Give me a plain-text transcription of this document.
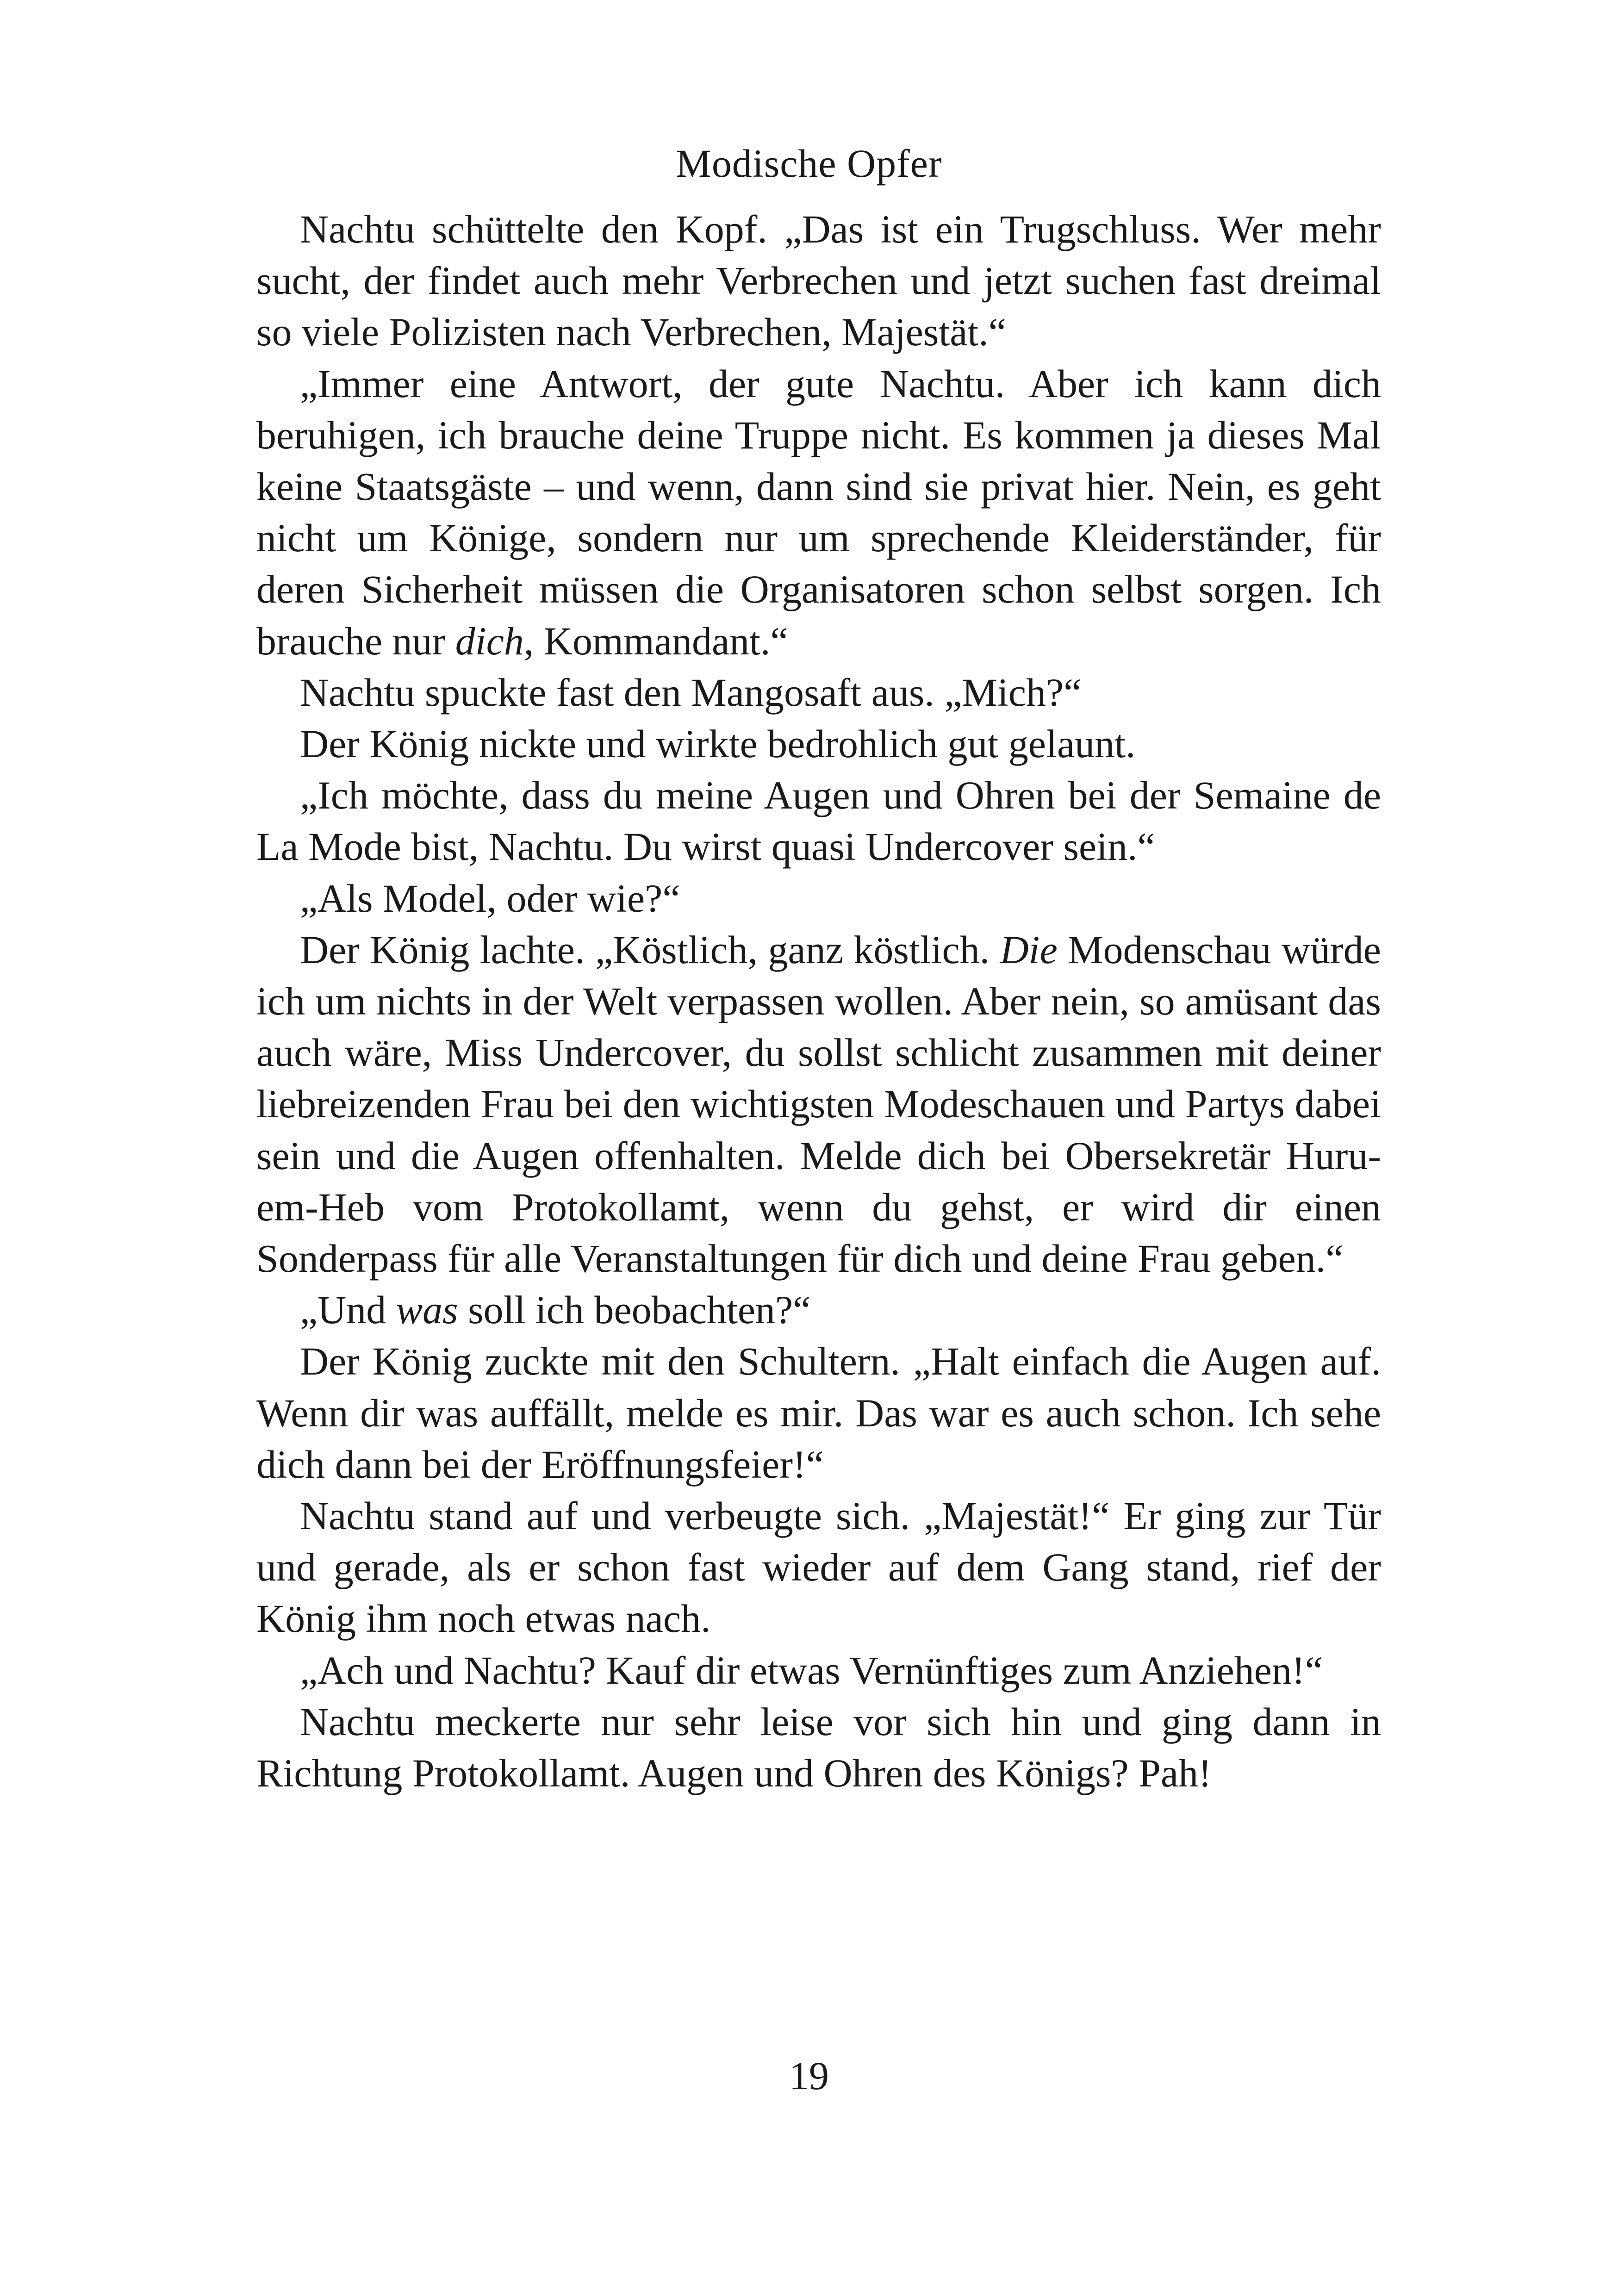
Modische Opfer

Nachtu schüttelte den Kopf. „Das ist ein Trugschluss. Wer mehr sucht, der findet auch mehr Verbrechen und jetzt suchen fast dreimal so viele Polizisten nach Verbrechen, Majestät.“

„Immer eine Antwort, der gute Nachtu. Aber ich kann dich beruhigen, ich brauche deine Truppe nicht. Es kommen ja dieses Mal keine Staatsgäste – und wenn, dann sind sie privat hier. Nein, es geht nicht um Könige, sondern nur um sprechende Kleiderständer, für deren Sicherheit müssen die Organisatoren schon selbst sorgen. Ich brauche nur dich, Kommandant.“

Nachtu spuckte fast den Mangosaft aus. „Mich?“

Der König nickte und wirkte bedrohlich gut gelaunt.

„Ich möchte, dass du meine Augen und Ohren bei der Semaine de La Mode bist, Nachtu. Du wirst quasi Undercover sein.“

„Als Model, oder wie?“

Der König lachte. „Köstlich, ganz köstlich. Die Modenschau würde ich um nichts in der Welt verpassen wollen. Aber nein, so amüsant das auch wäre, Miss Undercover, du sollst schlicht zusammen mit deiner liebreizenden Frau bei den wichtigsten Modeschauen und Partys dabei sein und die Augen offenhalten. Melde dich bei Obersekretär Huru-em-Heb vom Protokollamt, wenn du gehst, er wird dir einen Sonderpass für alle Veranstaltungen für dich und deine Frau geben.“

„Und was soll ich beobachten?“

Der König zuckte mit den Schultern. „Halt einfach die Augen auf. Wenn dir was auffällt, melde es mir. Das war es auch schon. Ich sehe dich dann bei der Eröffnungsfeier!“

Nachtu stand auf und verbeugte sich. „Majestät!“ Er ging zur Tür und gerade, als er schon fast wieder auf dem Gang stand, rief der König ihm noch etwas nach.

„Ach und Nachtu? Kauf dir etwas Vernünftiges zum Anziehen!“

Nachtu meckerte nur sehr leise vor sich hin und ging dann in Richtung Protokollamt. Augen und Ohren des Königs? Pah!

19
